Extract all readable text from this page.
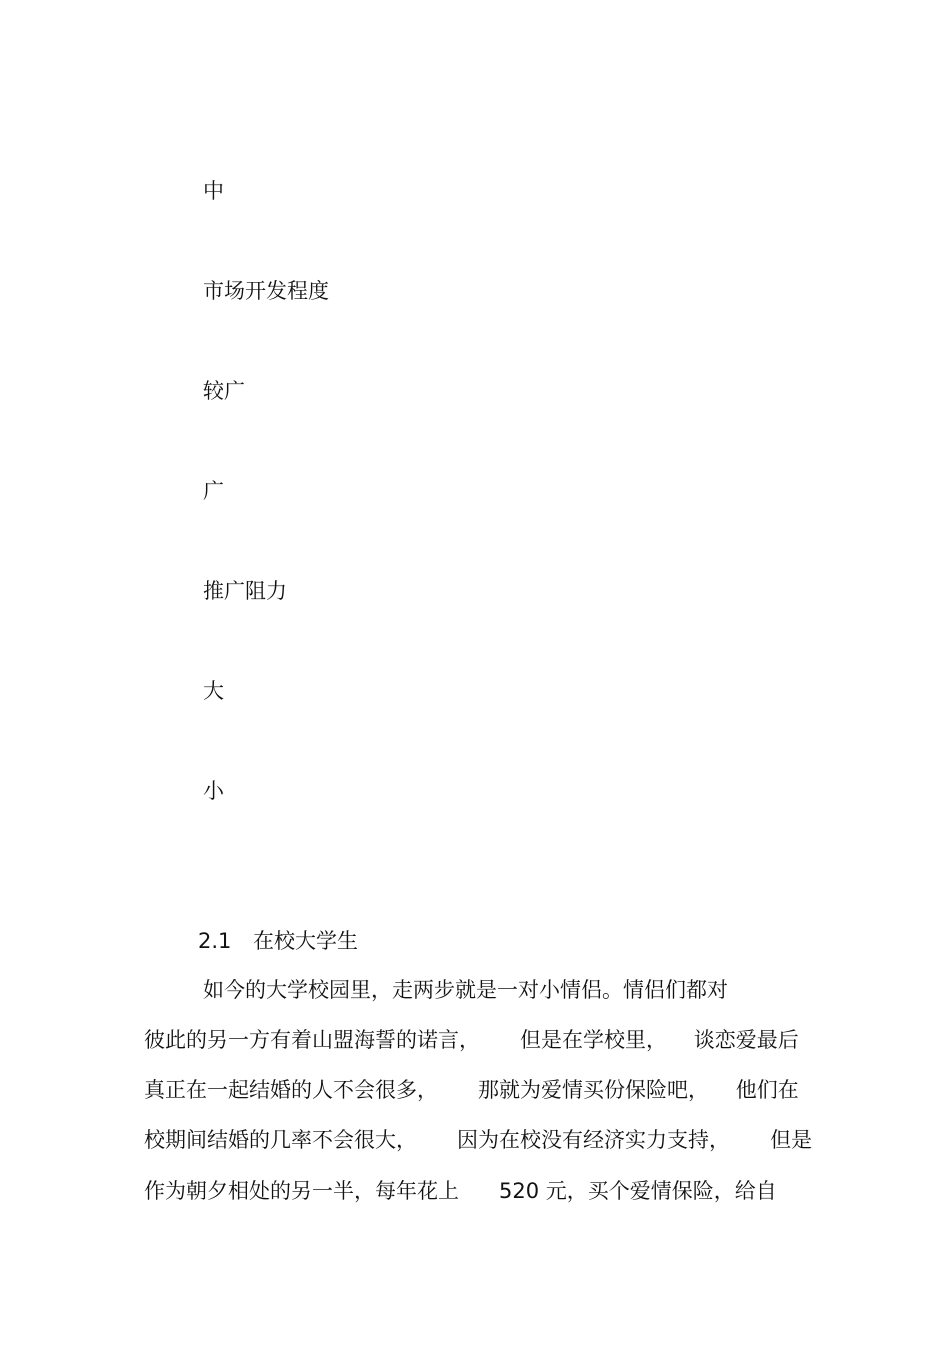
中
市场开发程度
较广
广
推广阻力
大
小
2.1 在校大学生
如今的大学校园里，走两步就是一对小情侣。情侣们都对
彼此的另一方有着山盟海誓的诺言，      但是在学校里，    谈恋爱最后
真正在一起结婚的人不会很多，      那就为爱情买份保险吧，    他们在
校期间结婚的几率不会很大，      因为在校没有经济实力支持，      但是
作为朝夕相处的另一半，每年花上      520 元，买个爱情保险，给自
